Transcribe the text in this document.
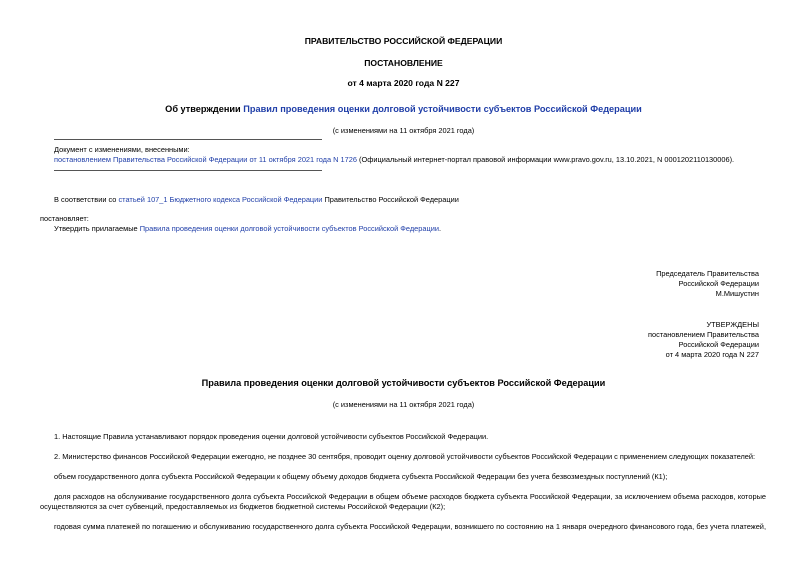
ПРАВИТЕЛЬСТВО РОССИЙСКОЙ ФЕДЕРАЦИИ
ПОСТАНОВЛЕНИЕ
от 4 марта 2020 года N 227
Об утверждении Правил проведения оценки долговой устойчивости субъектов Российской Федерации
(с изменениями на 11 октября 2021 года)
Документ с изменениями, внесенными:
постановлением Правительства Российской Федерации от 11 октября 2021 года N 1726 (Официальный интернет-портал правовой информации www.pravo.gov.ru, 13.10.2021, N 0001202110130006).
В соответствии со статьей 107_1 Бюджетного кодекса Российской Федерации Правительство Российской Федерации
постановляет:
Утвердить прилагаемые Правила проведения оценки долговой устойчивости субъектов Российской Федерации.
Председатель Правительства
Российской Федерации
М.Мишустин
УТВЕРЖДЕНЫ
постановлением Правительства
Российской Федерации
от 4 марта 2020 года N 227
Правила проведения оценки долговой устойчивости субъектов Российской Федерации
(с изменениями на 11 октября 2021 года)
1. Настоящие Правила устанавливают порядок проведения оценки долговой устойчивости субъектов Российской Федерации.
2. Министерство финансов Российской Федерации ежегодно, не позднее 30 сентября, проводит оценку долговой устойчивости субъектов Российской Федерации с применением следующих показателей:
объем государственного долга субъекта Российской Федерации к общему объему доходов бюджета субъекта Российской Федерации без учета безвозмездных поступлений (К1);
доля расходов на обслуживание государственного долга субъекта Российской Федерации в общем объеме расходов бюджета субъекта Российской Федерации, за исключением объема расходов, которые
осуществляются за счет субвенций, предоставляемых из бюджетов бюджетной системы Российской Федерации (К2);
годовая сумма платежей по погашению и обслуживанию государственного долга субъекта Российской Федерации, возникшего по состоянию на 1 января очередного финансового года, без учета платежей,
